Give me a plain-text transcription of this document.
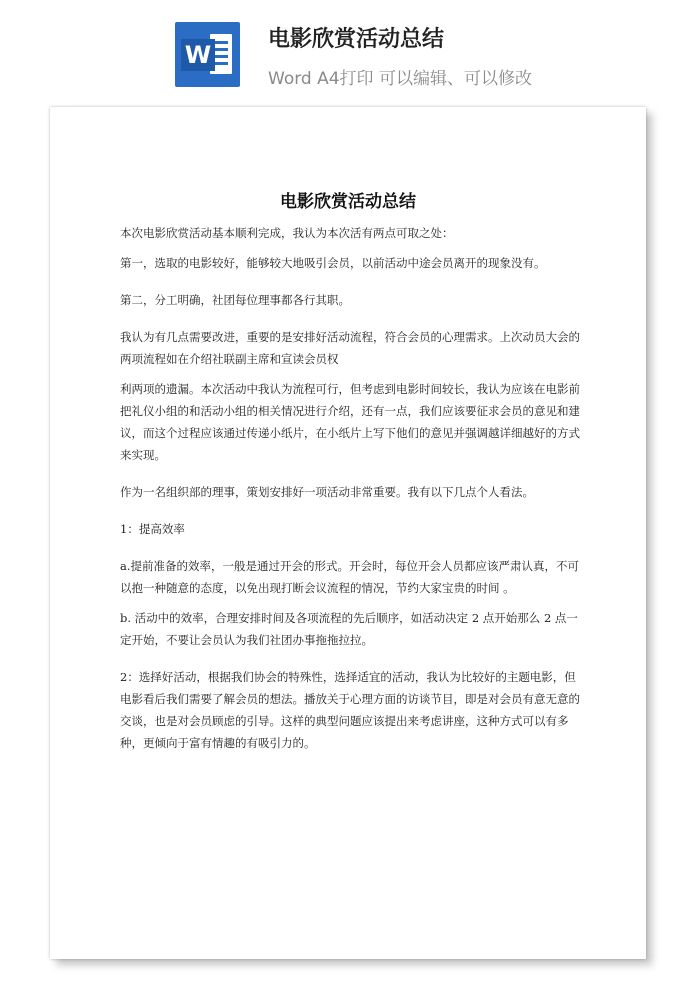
W
电影欣赏活动总结
Word A4打印 可以编辑、可以修改
电影欣赏活动总结

本次电影欣赏活动基本顺利完成，我认为本次活有两点可取之处：

第一，选取的电影较好，能够较大地吸引会员，以前活动中途会员离开的现象没有。

第二，分工明确，社团每位理事都各行其职。

我认为有几点需要改进，重要的是安排好活动流程，符合会员的心理需求。上次动员大会的两项流程如在介绍社联副主席和宣读会员权

利两项的遗漏。本次活动中我认为流程可行，但考虑到电影时间较长，我认为应该在电影前把礼仪小组的和活动小组的相关情况进行介绍，还有一点，我们应该要征求会员的意见和建议，而这个过程应该通过传递小纸片，在小纸片上写下他们的意见并强调越详细越好的方式来实现。

作为一名组织部的理事，策划安排好一项活动非常重要。我有以下几点个人看法。

1：提高效率

a.提前准备的效率，一般是通过开会的形式。开会时，每位开会人员都应该严肃认真，不可以抱一种随意的态度，以免出现打断会议流程的情况，节约大家宝贵的时间 。

b. 活动中的效率，合理安排时间及各项流程的先后顺序，如活动决定 2 点开始那么 2 点一定开始，不要让会员认为我们社团办事拖拖拉拉。

2：选择好活动，根据我们协会的特殊性，选择适宜的活动，我认为比较好的主题电影，但电影看后我们需要了解会员的想法。播放关于心理方面的访谈节目，即是对会员有意无意的交谈，也是对会员顾虑的引导。这样的典型问题应该提出来考虑讲座，这种方式可以有多种，更倾向于富有情趣的有吸引力的。
